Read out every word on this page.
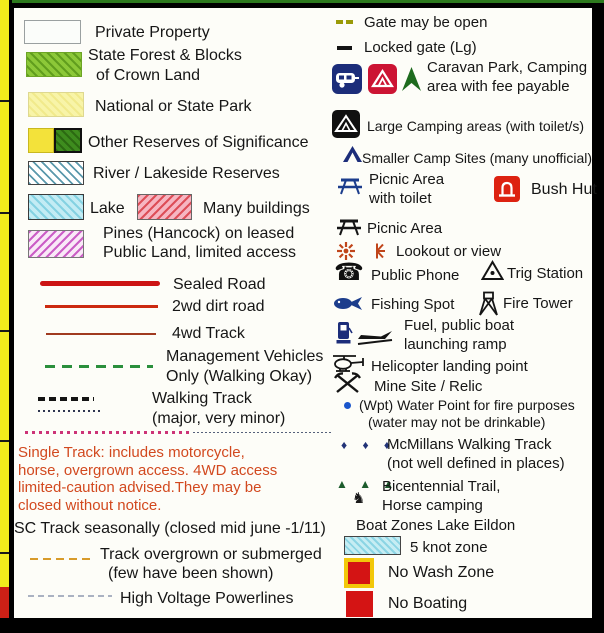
Private Property
State Forest & Blocks
of Crown Land
National or State Park
Other Reserves of Significance
River / Lakeside Reserves
Lake	Many buildings
Pines (Hancock) on leased
Public Land, limited access
Sealed Road
2wd dirt road
4wd Track
Management Vehicles
Only (Walking Okay)
Walking Track
(major, very minor)
Single Track: includes motorcycle,
horse, overgrown access. 4WD access
limited-caution advised.They may be
closed without notice.
SC Track seasonally (closed mid june -1/11)
Track overgrown or submerged
(few have been shown)
High Voltage Powerlines
Gate may be open
Locked gate (Lg)
Caravan Park, Camping
area with fee payable
Large Camping areas (with toilet/s)
Smaller Camp Sites (many unofficial)
Picnic Area
with toilet
Bush Hut
Picnic Area
Lookout or view
☎ Public Phone	Trig Station
Fishing Spot	Fire Tower
Fuel, public boat
launching ramp
Helicopter landing point
Mine Site / Relic
(Wpt) Water Point for fire purposes
(water may not be drinkable)
♦ ♦ ♦
McMillans Walking Track
(not well defined in places)
▲ ▲ ▲
♞
Bicentennial Trail,
Horse camping
Boat Zones Lake Eildon
5 knot zone
No Wash Zone
No Boating
